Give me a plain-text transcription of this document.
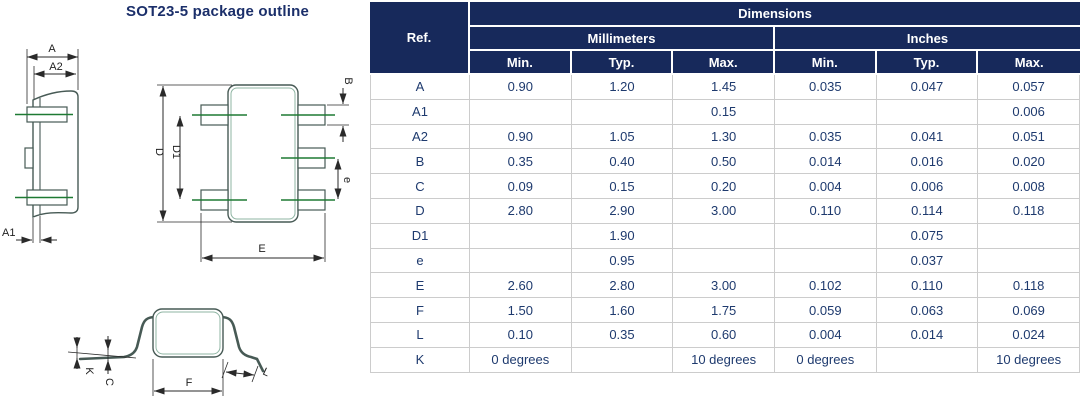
SOT23-5 package outline
A
A2
A1
D D1
B
e
E
K
C	F
L
Ref.	Dimensions					
	Millimeters			Inches		
	Min.	Typ.	Max.	Min.	Typ.	Max.
A	0.90	1.20	1.45	0.035	0.047	0.057
A1			0.15			0.006
A2	0.90	1.05	1.30	0.035	0.041	0.051
B	0.35	0.40	0.50	0.014	0.016	0.020
C	0.09	0.15	0.20	0.004	0.006	0.008
D	2.80	2.90	3.00	0.110	0.114	0.118
D1		1.90			0.075	
e		0.95			0.037	
E	2.60	2.80	3.00	0.102	0.110	0.118
F	1.50	1.60	1.75	0.059	0.063	0.069
L	0.10	0.35	0.60	0.004	0.014	0.024
K	0 degrees		10 degrees	0 degrees		10 degrees
